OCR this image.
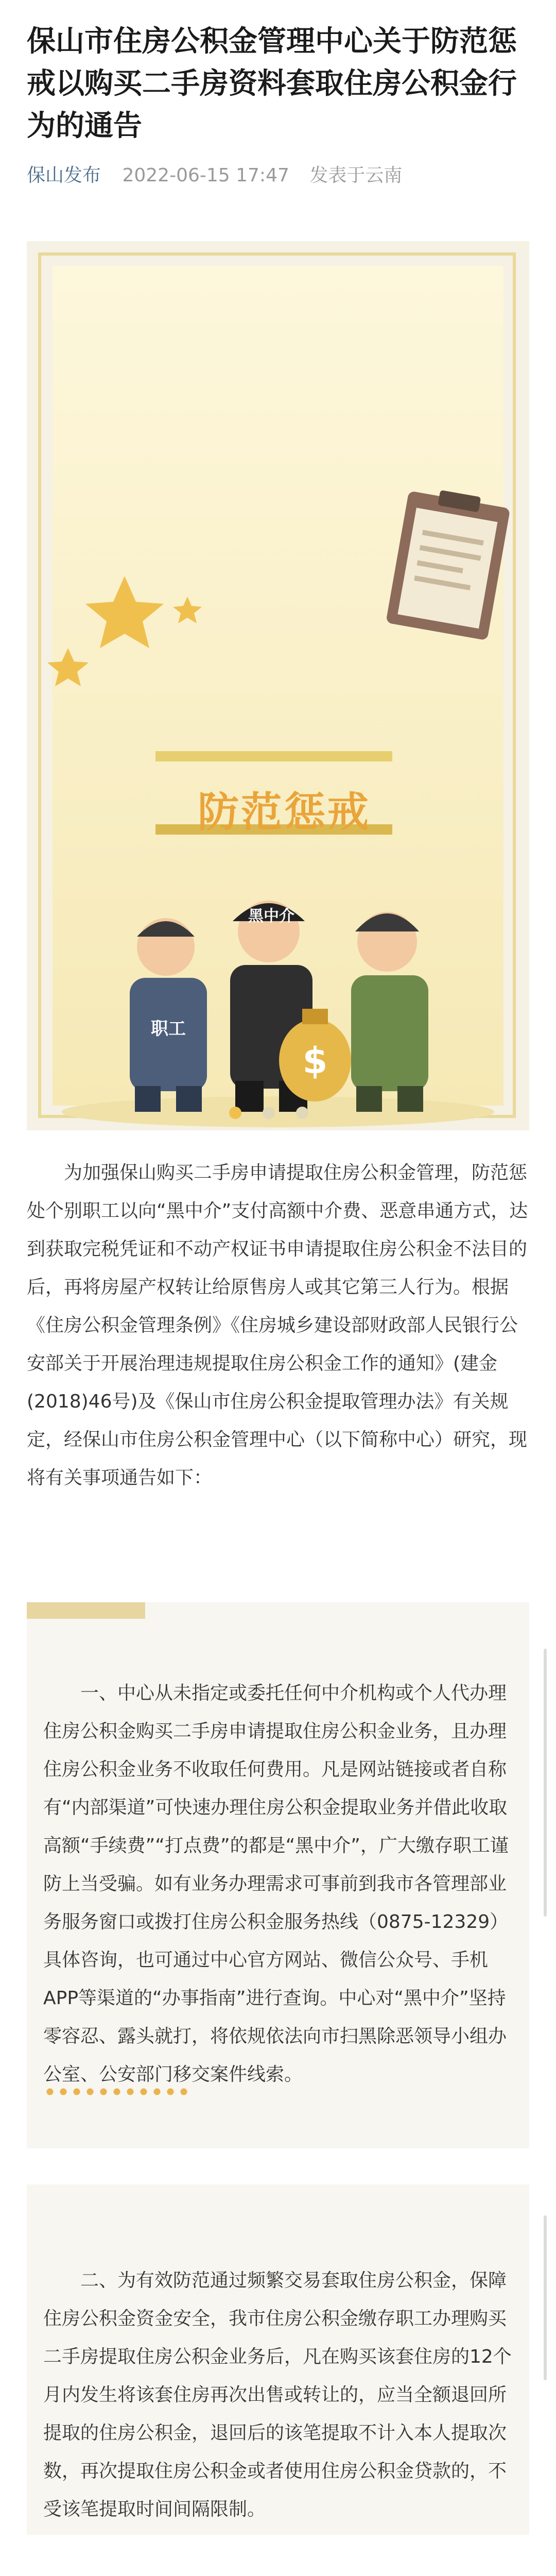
保山市住房公积金管理中心关于防范惩戒以购买二手房资料套取住房公积金行为的通告
保山发布 2022-06-15 17:47 发表于云南
职工
黑中介
$
防范惩戒

为加强保山购买二手房申请提取住房公积金管理，防范惩处个别职工以向“黑中介”支付高额中介费、恶意串通方式，达到获取完税凭证和不动产权证书申请提取住房公积金不法目的后，再将房屋产权转让给原售房人或其它第三人行为。根据《住房公积金管理条例》《住房城乡建设部财政部人民银行公安部关于开展治理违规提取住房公积金工作的通知》(建金(2018)46号)及《保山市住房公积金提取管理办法》有关规定，经保山市住房公积金管理中心（以下简称中心）研究，现将有关事项通告如下：

一、中心从未指定或委托任何中介机构或个人代办理住房公积金购买二手房申请提取住房公积金业务，且办理住房公积金业务不收取任何费用。凡是网站链接或者自称有“内部渠道”可快速办理住房公积金提取业务并借此收取高额“手续费”“打点费”的都是“黑中介”，广大缴存职工谨防上当受骗。如有业务办理需求可事前到我市各管理部业务服务窗口或拨打住房公积金服务热线（0875-12329）具体咨询，也可通过中心官方网站、微信公众号、手机APP等渠道的“办事指南”进行查询。中心对“黑中介”坚持零容忍、露头就打，将依规依法向市扫黑除恶领导小组办公室、公安部门移交案件线索。

二、为有效防范通过频繁交易套取住房公积金，保障住房公积金资金安全，我市住房公积金缴存职工办理购买二手房提取住房公积金业务后，凡在购买该套住房的12个月内发生将该套住房再次出售或转让的，应当全额退回所提取的住房公积金，退回后的该笔提取不计入本人提取次数，再次提取住房公积金或者使用住房公积金贷款的，不受该笔提取时间间隔限制。
